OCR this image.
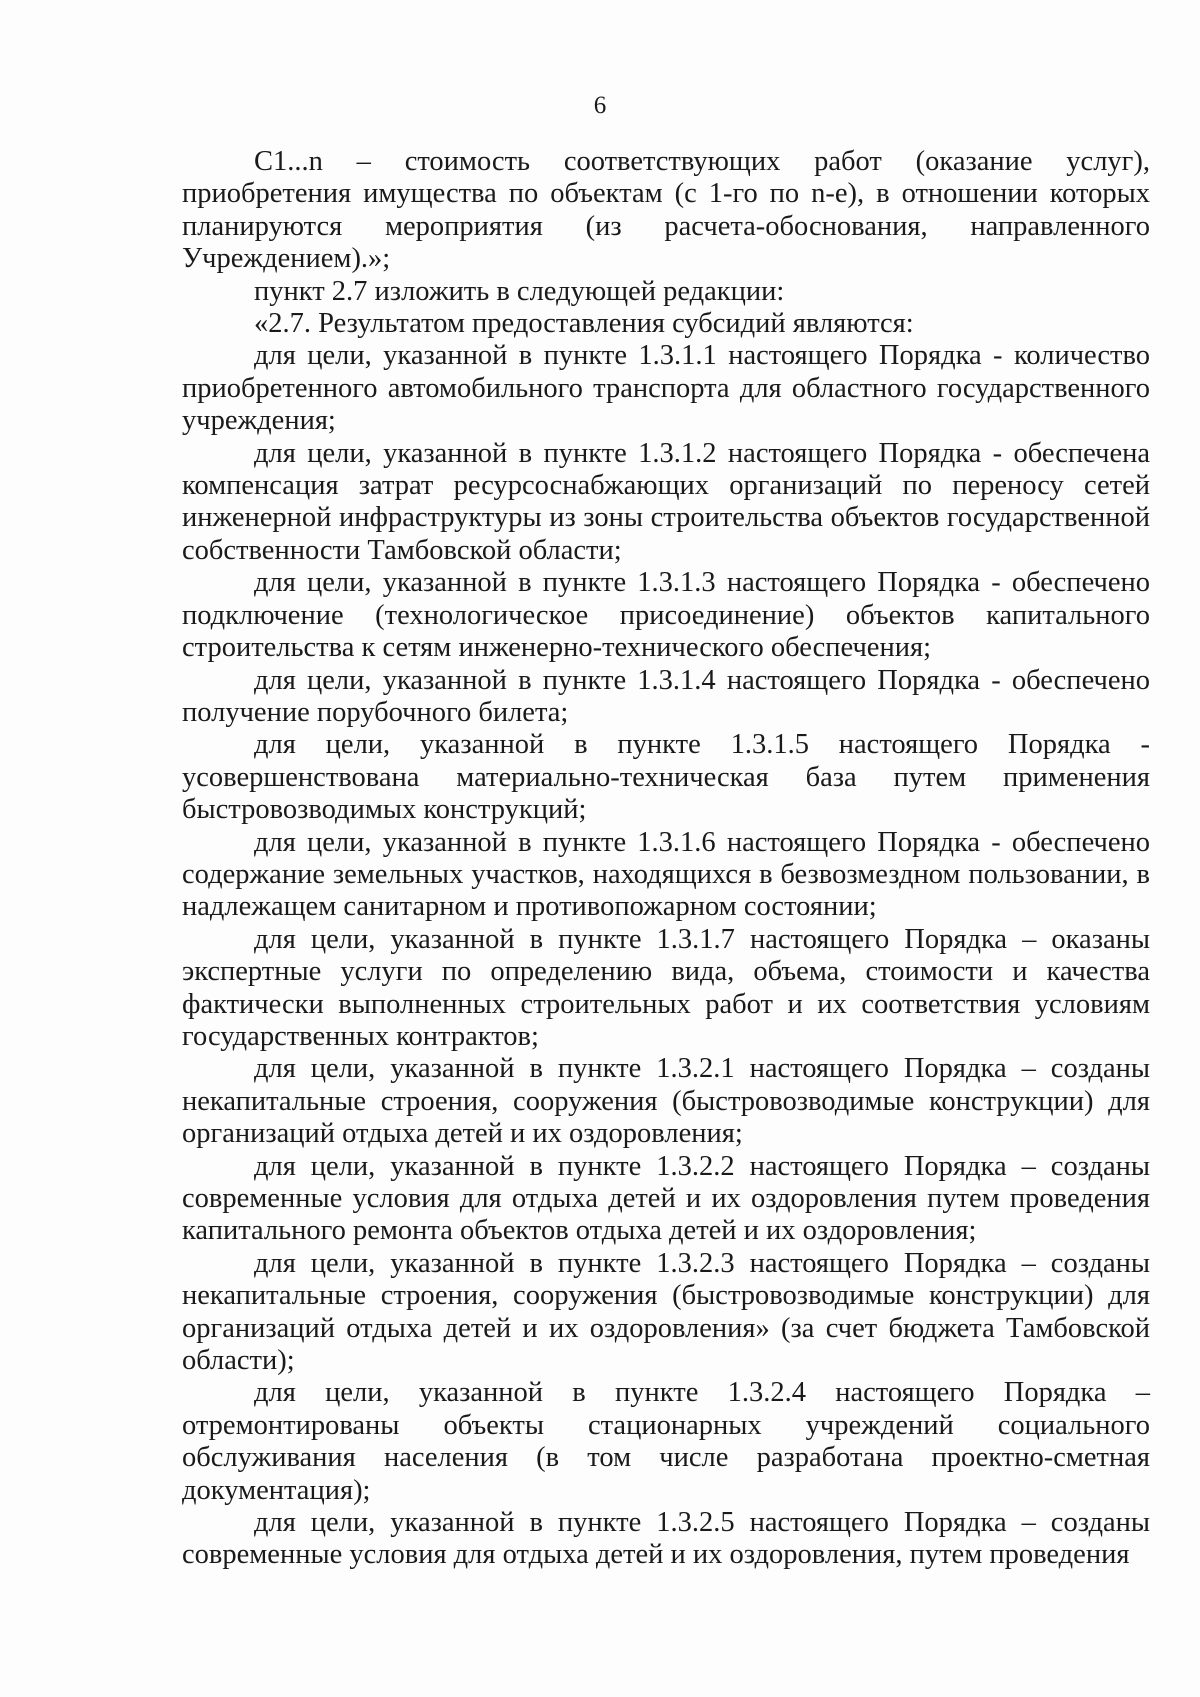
6

C1...n – стоимость соответствующих работ (оказание услуг), приобретения имущества по объектам (с 1-го по n-е), в отношении которых планируются мероприятия (из расчета-обоснования, направленного Учреждением).»;

пункт 2.7 изложить в следующей редакции:

«2.7. Результатом предоставления субсидий являются:

для цели, указанной в пункте 1.3.1.1 настоящего Порядка - количество приобретенного автомобильного транспорта для областного государственного учреждения;

для цели, указанной в пункте 1.3.1.2 настоящего Порядка - обеспечена компенсация затрат ресурсоснабжающих организаций по переносу сетей инженерной инфраструктуры из зоны строительства объектов государственной собственности Тамбовской области;

для цели, указанной в пункте 1.3.1.3 настоящего Порядка - обеспечено подключение (технологическое присоединение) объектов капитального строительства к сетям инженерно-технического обеспечения;

для цели, указанной в пункте 1.3.1.4 настоящего Порядка - обеспечено получение порубочного билета;

для цели, указанной в пункте 1.3.1.5 настоящего Порядка - усовершенствована материально-техническая база путем применения быстровозводимых конструкций;

для цели, указанной в пункте 1.3.1.6 настоящего Порядка - обеспечено содержание земельных участков, находящихся в безвозмездном пользовании, в надлежащем санитарном и противопожарном состоянии;

для цели, указанной в пункте 1.3.1.7 настоящего Порядка – оказаны экспертные услуги по определению вида, объема, стоимости и качества фактически выполненных строительных работ и их соответствия условиям государственных контрактов;

для цели, указанной в пункте 1.3.2.1 настоящего Порядка – созданы некапитальные строения, сооружения (быстровозводимые конструкции) для организаций отдыха детей и их оздоровления;

для цели, указанной в пункте 1.3.2.2 настоящего Порядка – созданы современные условия для отдыха детей и их оздоровления путем проведения капитального ремонта объектов отдыха детей и их оздоровления;

для цели, указанной в пункте 1.3.2.3 настоящего Порядка – созданы некапитальные строения, сооружения (быстровозводимые конструкции) для организаций отдыха детей и их оздоровления» (за счет бюджета Тамбовской области);

для цели, указанной в пункте 1.3.2.4 настоящего Порядка – отремонтированы объекты стационарных учреждений социального обслуживания населения (в том числе разработана проектно-сметная документация);

для цели, указанной в пункте 1.3.2.5 настоящего Порядка – созданы современные условия для отдыха детей и их оздоровления, путем проведения
